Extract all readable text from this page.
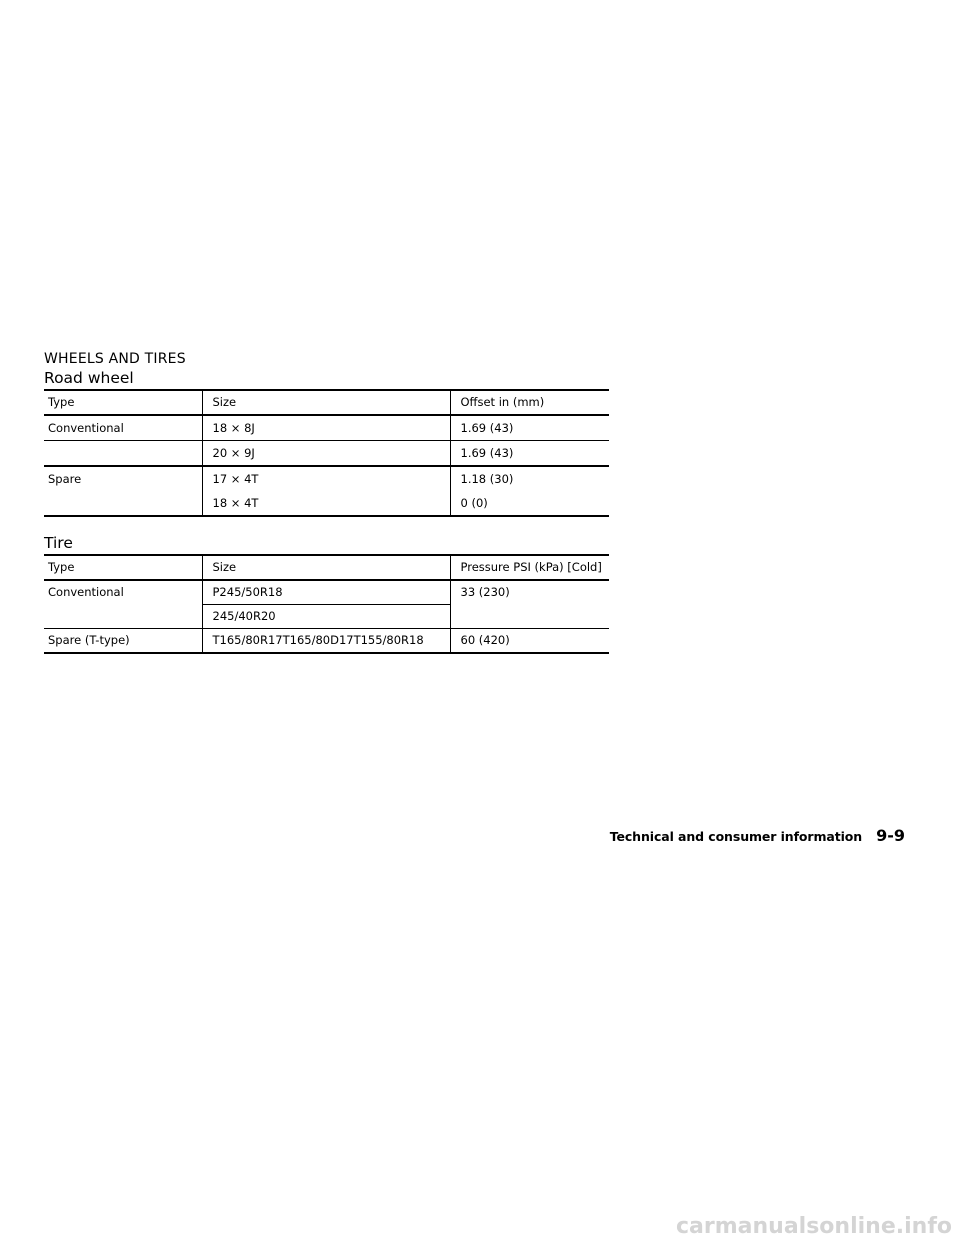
WHEELS AND TIRES
Road wheel
Type	Size	Offset in (mm)
Conventional	18 × 8J	1.69 (43)
	20 × 9J	1.69 (43)
Spare	17 × 4T	1.18 (30)
	18 × 4T	0 (0)
Tire
Type	Size	Pressure PSI (kPa) [Cold]
Conventional	P245/50R18	33 (230)
	245/40R20	
Spare (T-type)	T165/80R17T165/80D17T155/80R18	60 (420)
Technical and consumer information 9-9
carmanualsonline.info
